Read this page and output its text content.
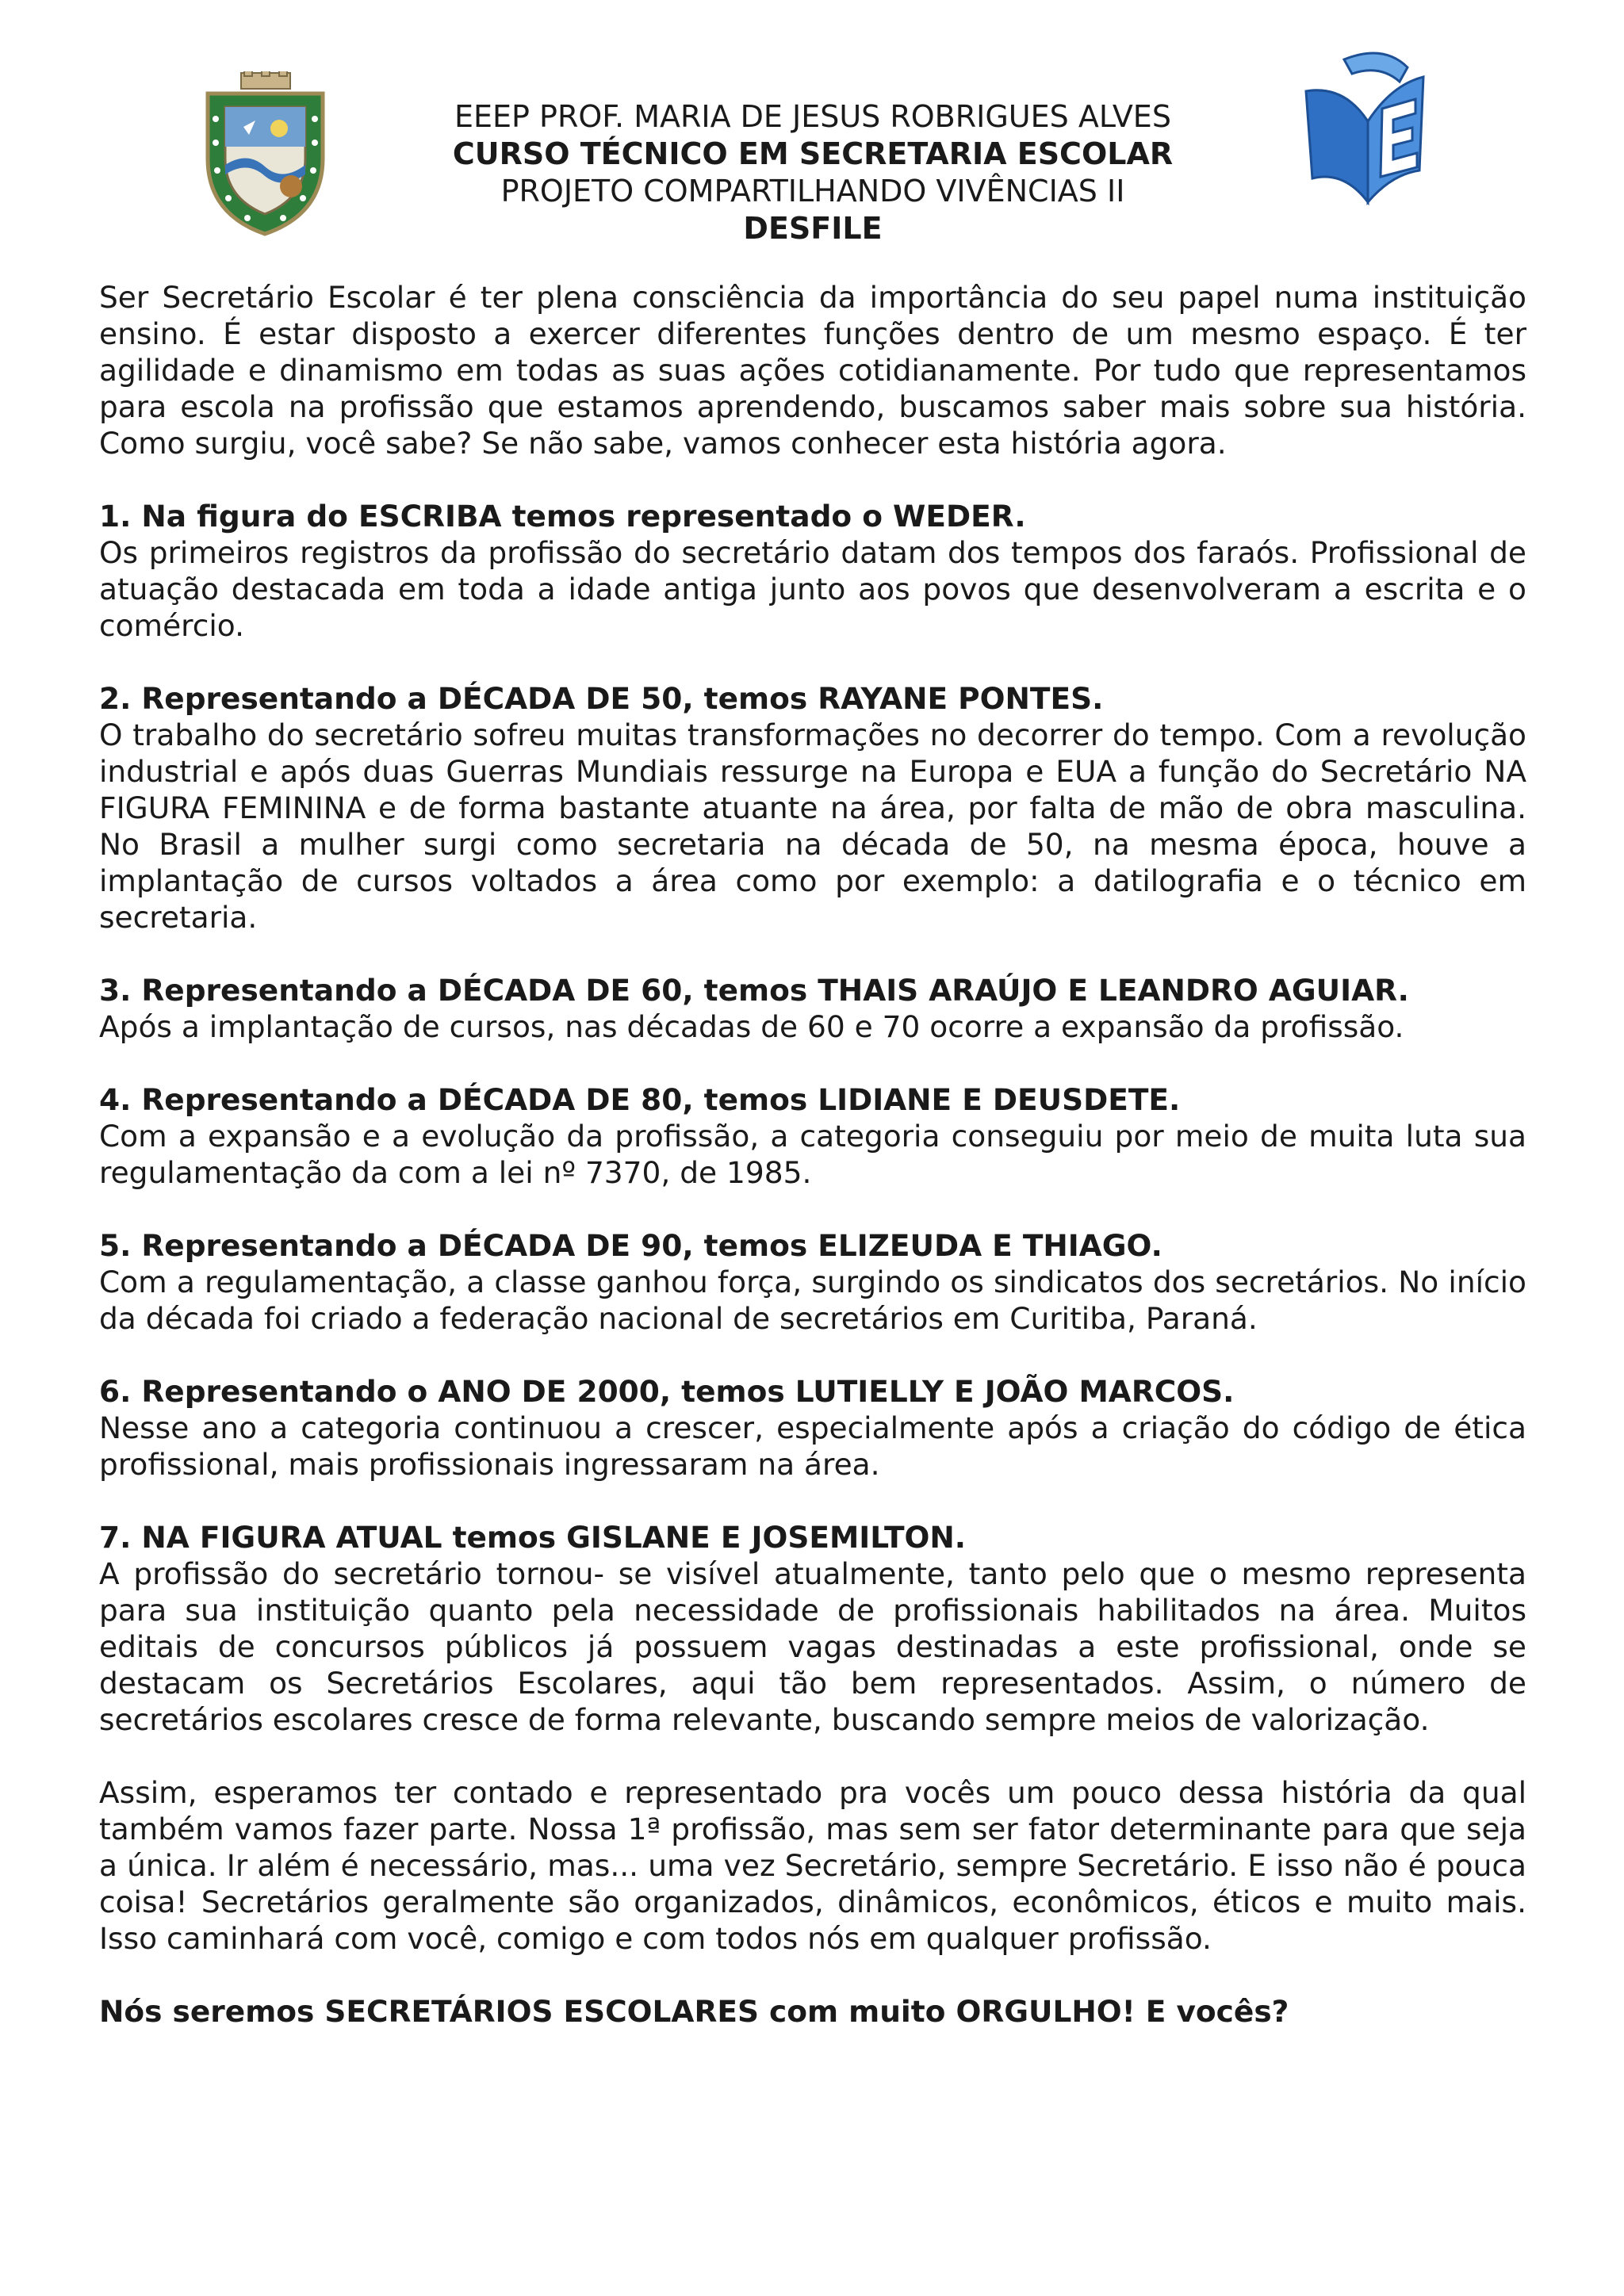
EEEP PROF. MARIA DE JESUS ROBRIGUES ALVES
CURSO TÉCNICO EM SECRETARIA ESCOLAR
PROJETO COMPARTILHANDO VIVÊNCIAS II
DESFILE

Ser Secretário Escolar é ter plena consciência da importância do seu papel numa instituição ensino. É estar disposto a exercer diferentes funções dentro de um mesmo espaço. É ter agilidade e dinamismo em todas as suas ações cotidianamente. Por tudo que representamos para escola na profissão que estamos aprendendo, buscamos saber mais sobre sua história. Como surgiu, você sabe? Se não sabe, vamos conhecer esta história agora.

1. Na figura do ESCRIBA temos representado o WEDER.

Os primeiros registros da profissão do secretário datam dos tempos dos faraós. Profissional de atuação destacada em toda a idade antiga junto aos povos que desenvolveram a escrita e o comércio.

2. Representando a DÉCADA DE 50, temos RAYANE PONTES.

O trabalho do secretário sofreu muitas transformações no decorrer do tempo. Com a revolução industrial e após duas Guerras Mundiais ressurge na Europa e EUA a função do Secretário NA FIGURA FEMININA e de forma bastante atuante na área, por falta de mão de obra masculina. No Brasil a mulher surgi como secretaria na década de 50, na mesma época, houve a implantação de cursos voltados a área como por exemplo: a datilografia e o técnico em secretaria.

3. Representando a DÉCADA DE 60, temos THAIS ARAÚJO E LEANDRO AGUIAR.

Após a implantação de cursos, nas décadas de 60 e 70 ocorre a expansão da profissão.

4. Representando a DÉCADA DE 80, temos LIDIANE E DEUSDETE.

Com a expansão e a evolução da profissão, a categoria conseguiu por meio de muita luta sua regulamentação da com a lei nº 7370, de 1985.

5. Representando a DÉCADA DE 90, temos ELIZEUDA E THIAGO.

Com a regulamentação, a classe ganhou força, surgindo os sindicatos dos secretários. No início da década foi criado a federação nacional de secretários em Curitiba, Paraná.

6. Representando o ANO DE 2000, temos LUTIELLY E JOÃO MARCOS.

Nesse ano a categoria continuou a crescer, especialmente após a criação do código de ética profissional, mais profissionais ingressaram na área.

7. NA FIGURA ATUAL temos GISLANE E JOSEMILTON.

A profissão do secretário tornou- se visível atualmente, tanto pelo que o mesmo representa para sua instituição quanto pela necessidade de profissionais habilitados na área. Muitos editais de concursos públicos já possuem vagas destinadas a este profissional, onde se destacam os Secretários Escolares, aqui tão bem representados. Assim, o número de secretários escolares cresce de forma relevante, buscando sempre meios de valorização.

Assim, esperamos ter contado e representado pra vocês um pouco dessa história da qual também vamos fazer parte. Nossa 1ª profissão, mas sem ser fator determinante para que seja a única. Ir além é necessário, mas... uma vez Secretário, sempre Secretário. E isso não é pouca coisa! Secretários geralmente são organizados, dinâmicos, econômicos, éticos e muito mais. Isso caminhará com você, comigo e com todos nós em qualquer profissão.

Nós seremos SECRETÁRIOS ESCOLARES com muito ORGULHO! E vocês?
